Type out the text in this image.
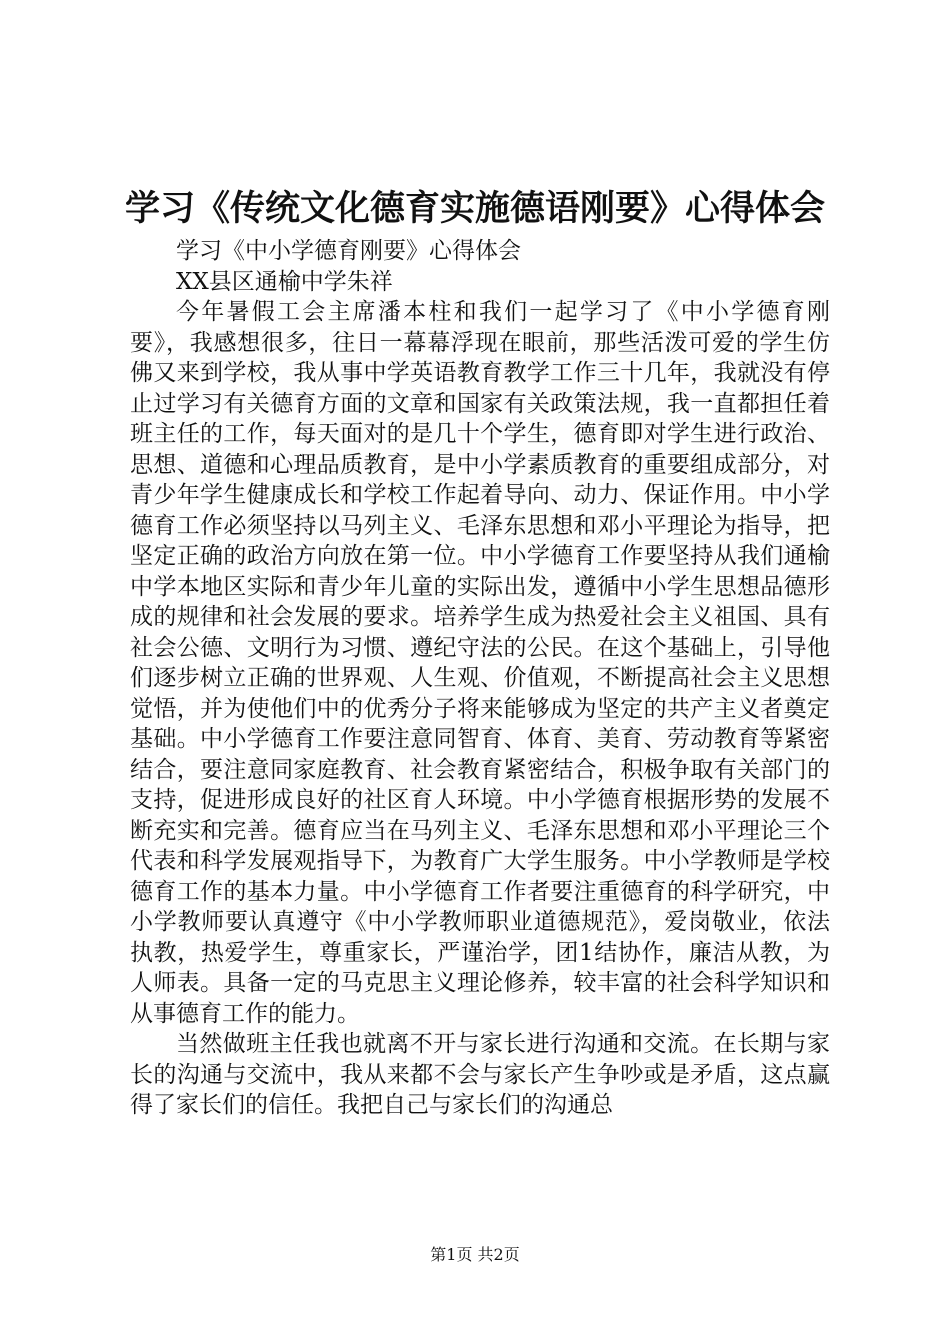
学习《传统文化德育实施德语刚要》心得体会

学习《中小学德育刚要》心得体会

XX县区通榆中学朱祥

今年暑假工会主席潘本柱和我们一起学习了《中小学德育刚要》，我感想很多，往日一幕幕浮现在眼前，那些活泼可爱的学生仿佛又来到学校，我从事中学英语教育教学工作三十几年，我就没有停止过学习有关德育方面的文章和国家有关政策法规，我一直都担任着班主任的工作，每天面对的是几十个学生，德育即对学生进行政治、思想、道德和心理品质教育，是中小学素质教育的重要组成部分，对青少年学生健康成长和学校工作起着导向、动力、保证作用。中小学德育工作必须坚持以马列主义、毛泽东思想和邓小平理论为指导，把坚定正确的政治方向放在第一位。中小学德育工作要坚持从我们通榆中学本地区实际和青少年儿童的实际出发，遵循中小学生思想品德形成的规律和社会发展的要求。培养学生成为热爱社会主义祖国、具有社会公德、文明行为习惯、遵纪守法的公民。在这个基础上，引导他们逐步树立正确的世界观、人生观、价值观，不断提高社会主义思想觉悟，并为使他们中的优秀分子将来能够成为坚定的共产主义者奠定基础。中小学德育工作要注意同智育、体育、美育、劳动教育等紧密结合，要注意同家庭教育、社会教育紧密结合，积极争取有关部门的支持，促进形成良好的社区育人环境。中小学德育根据形势的发展不断充实和完善。德育应当在马列主义、毛泽东思想和邓小平理论三个代表和科学发展观指导下，为教育广大学生服务。中小学教师是学校德育工作的基本力量。中小学德育工作者要注重德育的科学研究，中小学教师要认真遵守《中小学教师职业道德规范》，爱岗敬业，依法执教，热爱学生，尊重家长，严谨治学，团1结协作，廉洁从教，为人师表。具备一定的马克思主义理论修养，较丰富的社会科学知识和从事德育工作的能力。

当然做班主任我也就离不开与家长进行沟通和交流。在长期与家长的沟通与交流中，我从来都不会与家长产生争吵或是矛盾，这点赢得了家长们的信任。我把自己与家长们的沟通总

第1页 共2页
